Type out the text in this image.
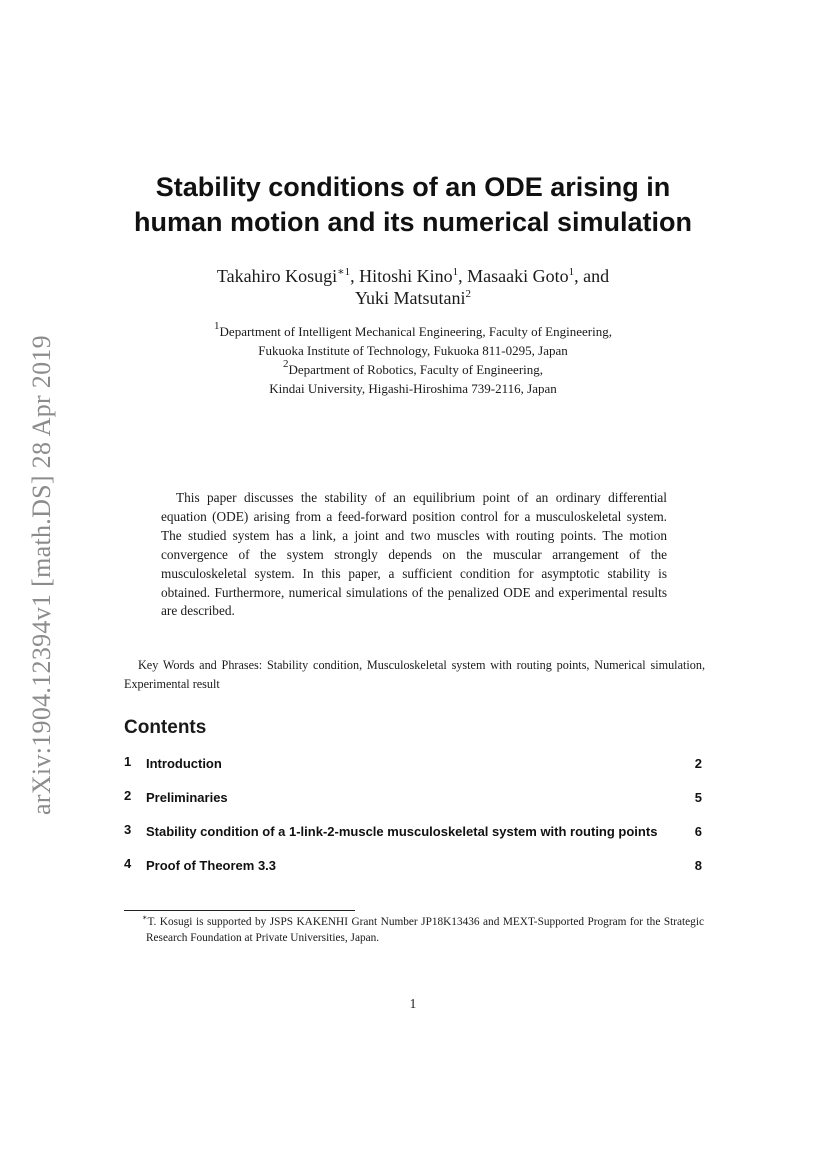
arXiv:1904.12394v1 [math.DS] 28 Apr 2019
Stability conditions of an ODE arising in
human motion and its numerical simulation
Takahiro Kosugi$^{∗1}$, Hitoshi Kino$^1$, Masaaki Goto$^1$, and
Yuki Matsutani$^2$
$^1$Department of Intelligent Mechanical Engineering, Faculty of Engineering,
Fukuoka Institute of Technology, Fukuoka 811-0295, Japan
$^2$Department of Robotics, Faculty of Engineering,
Kindai University, Higashi-Hiroshima 739-2116, Japan

This paper discusses the stability of an equilibrium point of an ordinary differential equation (ODE) arising from a feed-forward position control for a musculoskeletal system. The studied system has a link, a joint and two muscles with routing points. The motion convergence of the system strongly depends on the muscular arrangement of the musculoskeletal system. In this paper, a sufficient condition for asymptotic stability is obtained. Furthermore, numerical simulations of the penalized ODE and experimental results are described.

Key Words and Phrases: Stability condition, Musculoskeletal system with routing points, Numerical simulation, Experimental result

Contents
1	Introduction	2
2	Preliminaries	5
3	Stability condition of a 1-link-2-muscle musculoskeletal system with routing points	6
4	Proof of Theorem 3.3	8

∗T. Kosugi is supported by JSPS KAKENHI Grant Number JP18K13436 and MEXT-Supported Program for the Strategic Research Foundation at Private Universities, Japan.

1
